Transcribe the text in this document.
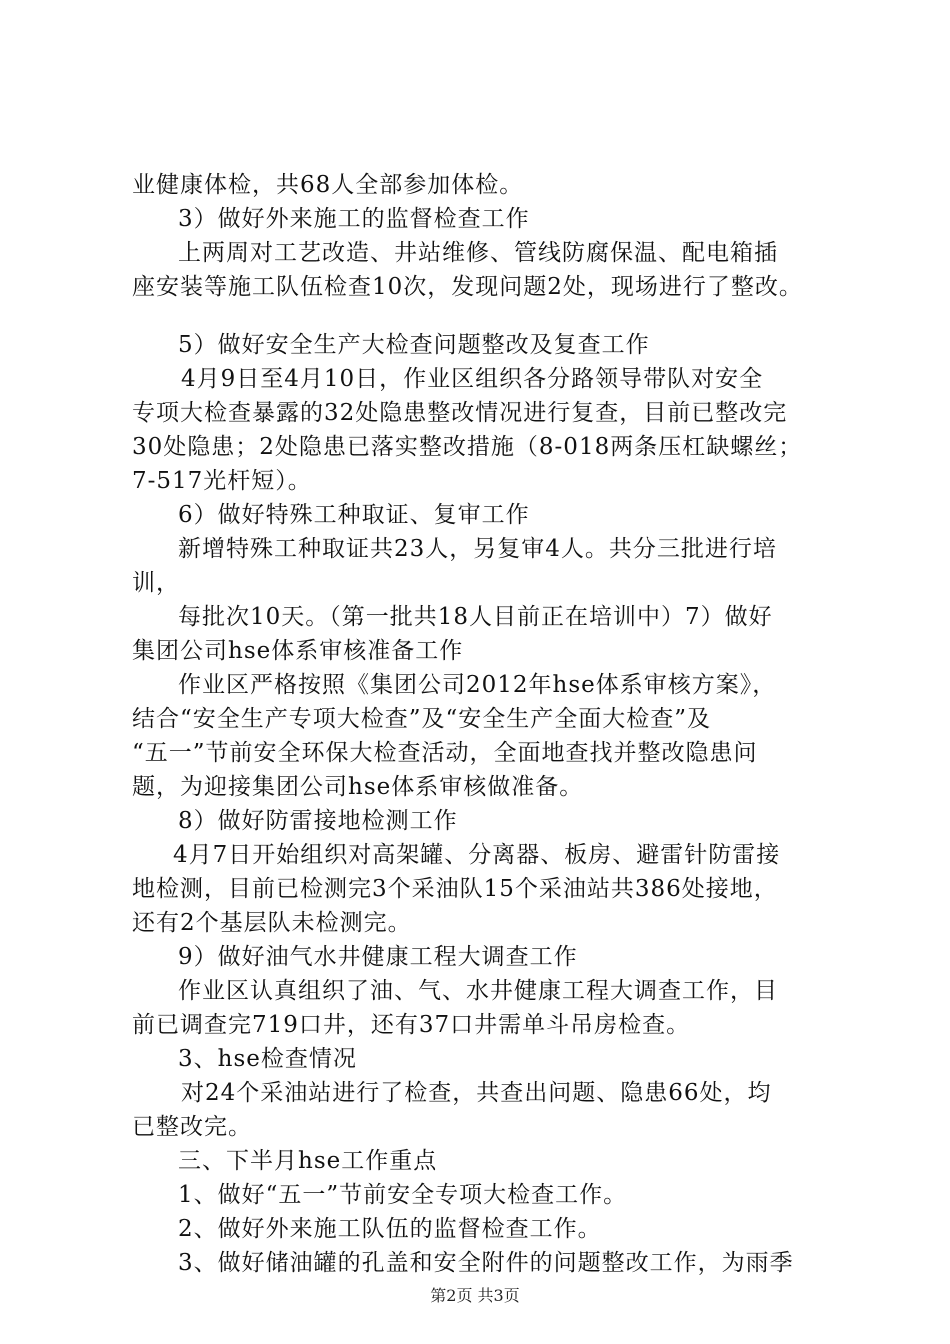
业健康体检，共68人全部参加体检。
3）做好外来施工的监督检查工作
上两周对工艺改造、井站维修、管线防腐保温、配电箱插
座安装等施工队伍检查10次，发现问题2处，现场进行了整改。
5）做好安全生产大检查问题整改及复查工作
4月9日至4月10日，作业区组织各分路领导带队对安全
专项大检查暴露的32处隐患整改情况进行复查，目前已整改完
30处隐患；2处隐患已落实整改措施（8-018两条压杠缺螺丝；
7-517光杆短）。
6）做好特殊工种取证、复审工作
新增特殊工种取证共23人，另复审4人。共分三批进行培
训，
每批次10天。（第一批共18人目前正在培训中）7）做好
集团公司hse体系审核准备工作
作业区严格按照《集团公司2012年hse体系审核方案》，
结合“安全生产专项大检查”及“安全生产全面大检查”及
“五一”节前安全环保大检查活动，全面地查找并整改隐患问
题，为迎接集团公司hse体系审核做准备。
8）做好防雷接地检测工作
4月7日开始组织对高架罐、分离器、板房、避雷针防雷接
地检测，目前已检测完3个采油队15个采油站共386处接地，
还有2个基层队未检测完。
9）做好油气水井健康工程大调查工作
作业区认真组织了油、气、水井健康工程大调查工作，目
前已调查完719口井，还有37口井需单斗吊房检查。
3、hse检查情况
对24个采油站进行了检查，共查出问题、隐患66处，均
已整改完。
三、下半月hse工作重点
1、做好“五一”节前安全专项大检查工作。
2、做好外来施工队伍的监督检查工作。
3、做好储油罐的孔盖和安全附件的问题整改工作，为雨季
第2页 共3页
